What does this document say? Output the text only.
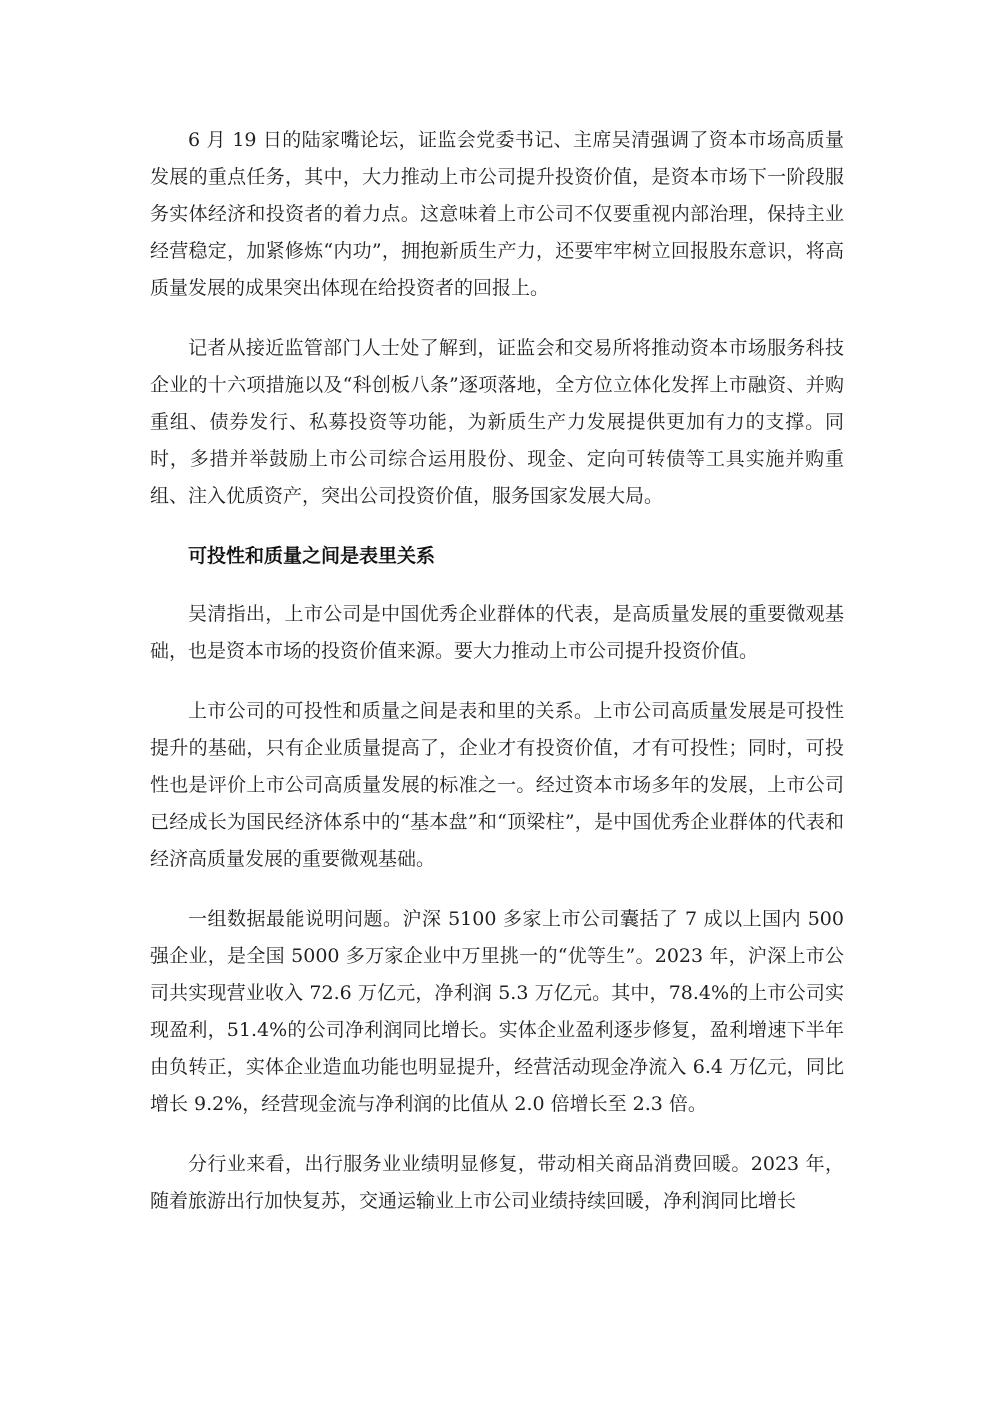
6 月 19 日的陆家嘴论坛，证监会党委书记、主席吴清强调了资本市场高质量发展的重点任务，其中，大力推动上市公司提升投资价值，是资本市场下一阶段服务实体经济和投资者的着力点。这意味着上市公司不仅要重视内部治理，保持主业经营稳定，加紧修炼“内功”，拥抱新质生产力，还要牢牢树立回报股东意识，将高质量发展的成果突出体现在给投资者的回报上。

记者从接近监管部门人士处了解到，证监会和交易所将推动资本市场服务科技企业的十六项措施以及“科创板八条”逐项落地，全方位立体化发挥上市融资、并购重组、债券发行、私募投资等功能，为新质生产力发展提供更加有力的支撑。同时，多措并举鼓励上市公司综合运用股份、现金、定向可转债等工具实施并购重组、注入优质资产，突出公司投资价值，服务国家发展大局。

可投性和质量之间是表里关系

吴清指出，上市公司是中国优秀企业群体的代表，是高质量发展的重要微观基础，也是资本市场的投资价值来源。要大力推动上市公司提升投资价值。

上市公司的可投性和质量之间是表和里的关系。上市公司高质量发展是可投性提升的基础，只有企业质量提高了，企业才有投资价值，才有可投性；同时，可投性也是评价上市公司高质量发展的标准之一。经过资本市场多年的发展，上市公司已经成长为国民经济体系中的“基本盘”和“顶梁柱”，是中国优秀企业群体的代表和经济高质量发展的重要微观基础。

一组数据最能说明问题。沪深 5100 多家上市公司囊括了 7 成以上国内 500 强企业，是全国 5000 多万家企业中万里挑一的“优等生”。2023 年，沪深上市公司共实现营业收入 72.6 万亿元，净利润 5.3 万亿元。其中，78.4%的上市公司实现盈利，51.4%的公司净利润同比增长。实体企业盈利逐步修复，盈利增速下半年由负转正，实体企业造血功能也明显提升，经营活动现金净流入 6.4 万亿元，同比增长 9.2%，经营现金流与净利润的比值从 2.0 倍增长至 2.3 倍。

分行业来看，出行服务业业绩明显修复，带动相关商品消费回暖。2023 年，随着旅游出行加快复苏，交通运输业上市公司业绩持续回暖，净利润同比增长
